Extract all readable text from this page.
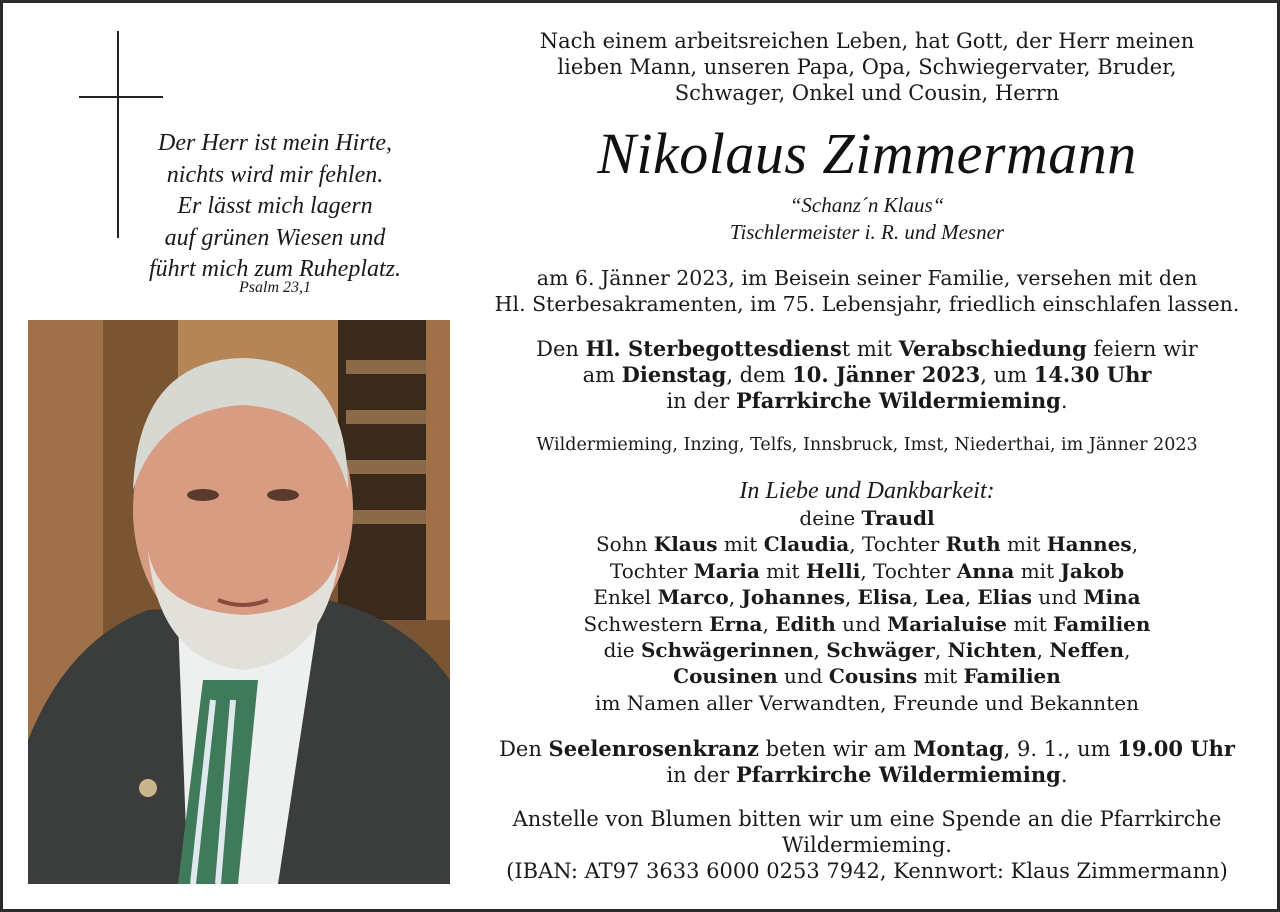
Der Herr ist mein Hirte,
nichts wird mir fehlen.
Er lässt mich lagern
auf grünen Wiesen und
führt mich zum Ruheplatz.
Psalm 23,1
Nach einem arbeitsreichen Leben, hat Gott, der Herr meinen
lieben Mann, unseren Papa, Opa, Schwiegervater, Bruder,
Schwager, Onkel und Cousin, Herrn
Nikolaus Zimmermann
“Schanz´n Klaus“
Tischlermeister i. R. und Mesner
am 6. Jänner 2023, im Beisein seiner Familie, versehen mit den
Hl. Sterbesakramenten, im 75. Lebensjahr, friedlich einschlafen lassen.
Den Hl. Sterbegottesdienst mit Verabschiedung feiern wir
am Dienstag, dem 10. Jänner 2023, um 14.30 Uhr
in der Pfarrkirche Wildermieming.
Wildermieming, Inzing, Telfs, Innsbruck, Imst, Niederthai, im Jänner 2023
In Liebe und Dankbarkeit:
deine Traudl
Sohn Klaus mit Claudia, Tochter Ruth mit Hannes,
Tochter Maria mit Helli, Tochter Anna mit Jakob
Enkel Marco, Johannes, Elisa, Lea, Elias und Mina
Schwestern Erna, Edith und Marialuise mit Familien
die Schwägerinnen, Schwäger, Nichten, Neffen,
Cousinen und Cousins mit Familien
im Namen aller Verwandten, Freunde und Bekannten
Den Seelenrosenkranz beten wir am Montag, 9. 1., um 19.00 Uhr
in der Pfarrkirche Wildermieming.
Anstelle von Blumen bitten wir um eine Spende an die Pfarrkirche
Wildermieming.
(IBAN: AT97 3633 6000 0253 7942, Kennwort: Klaus Zimmermann)
